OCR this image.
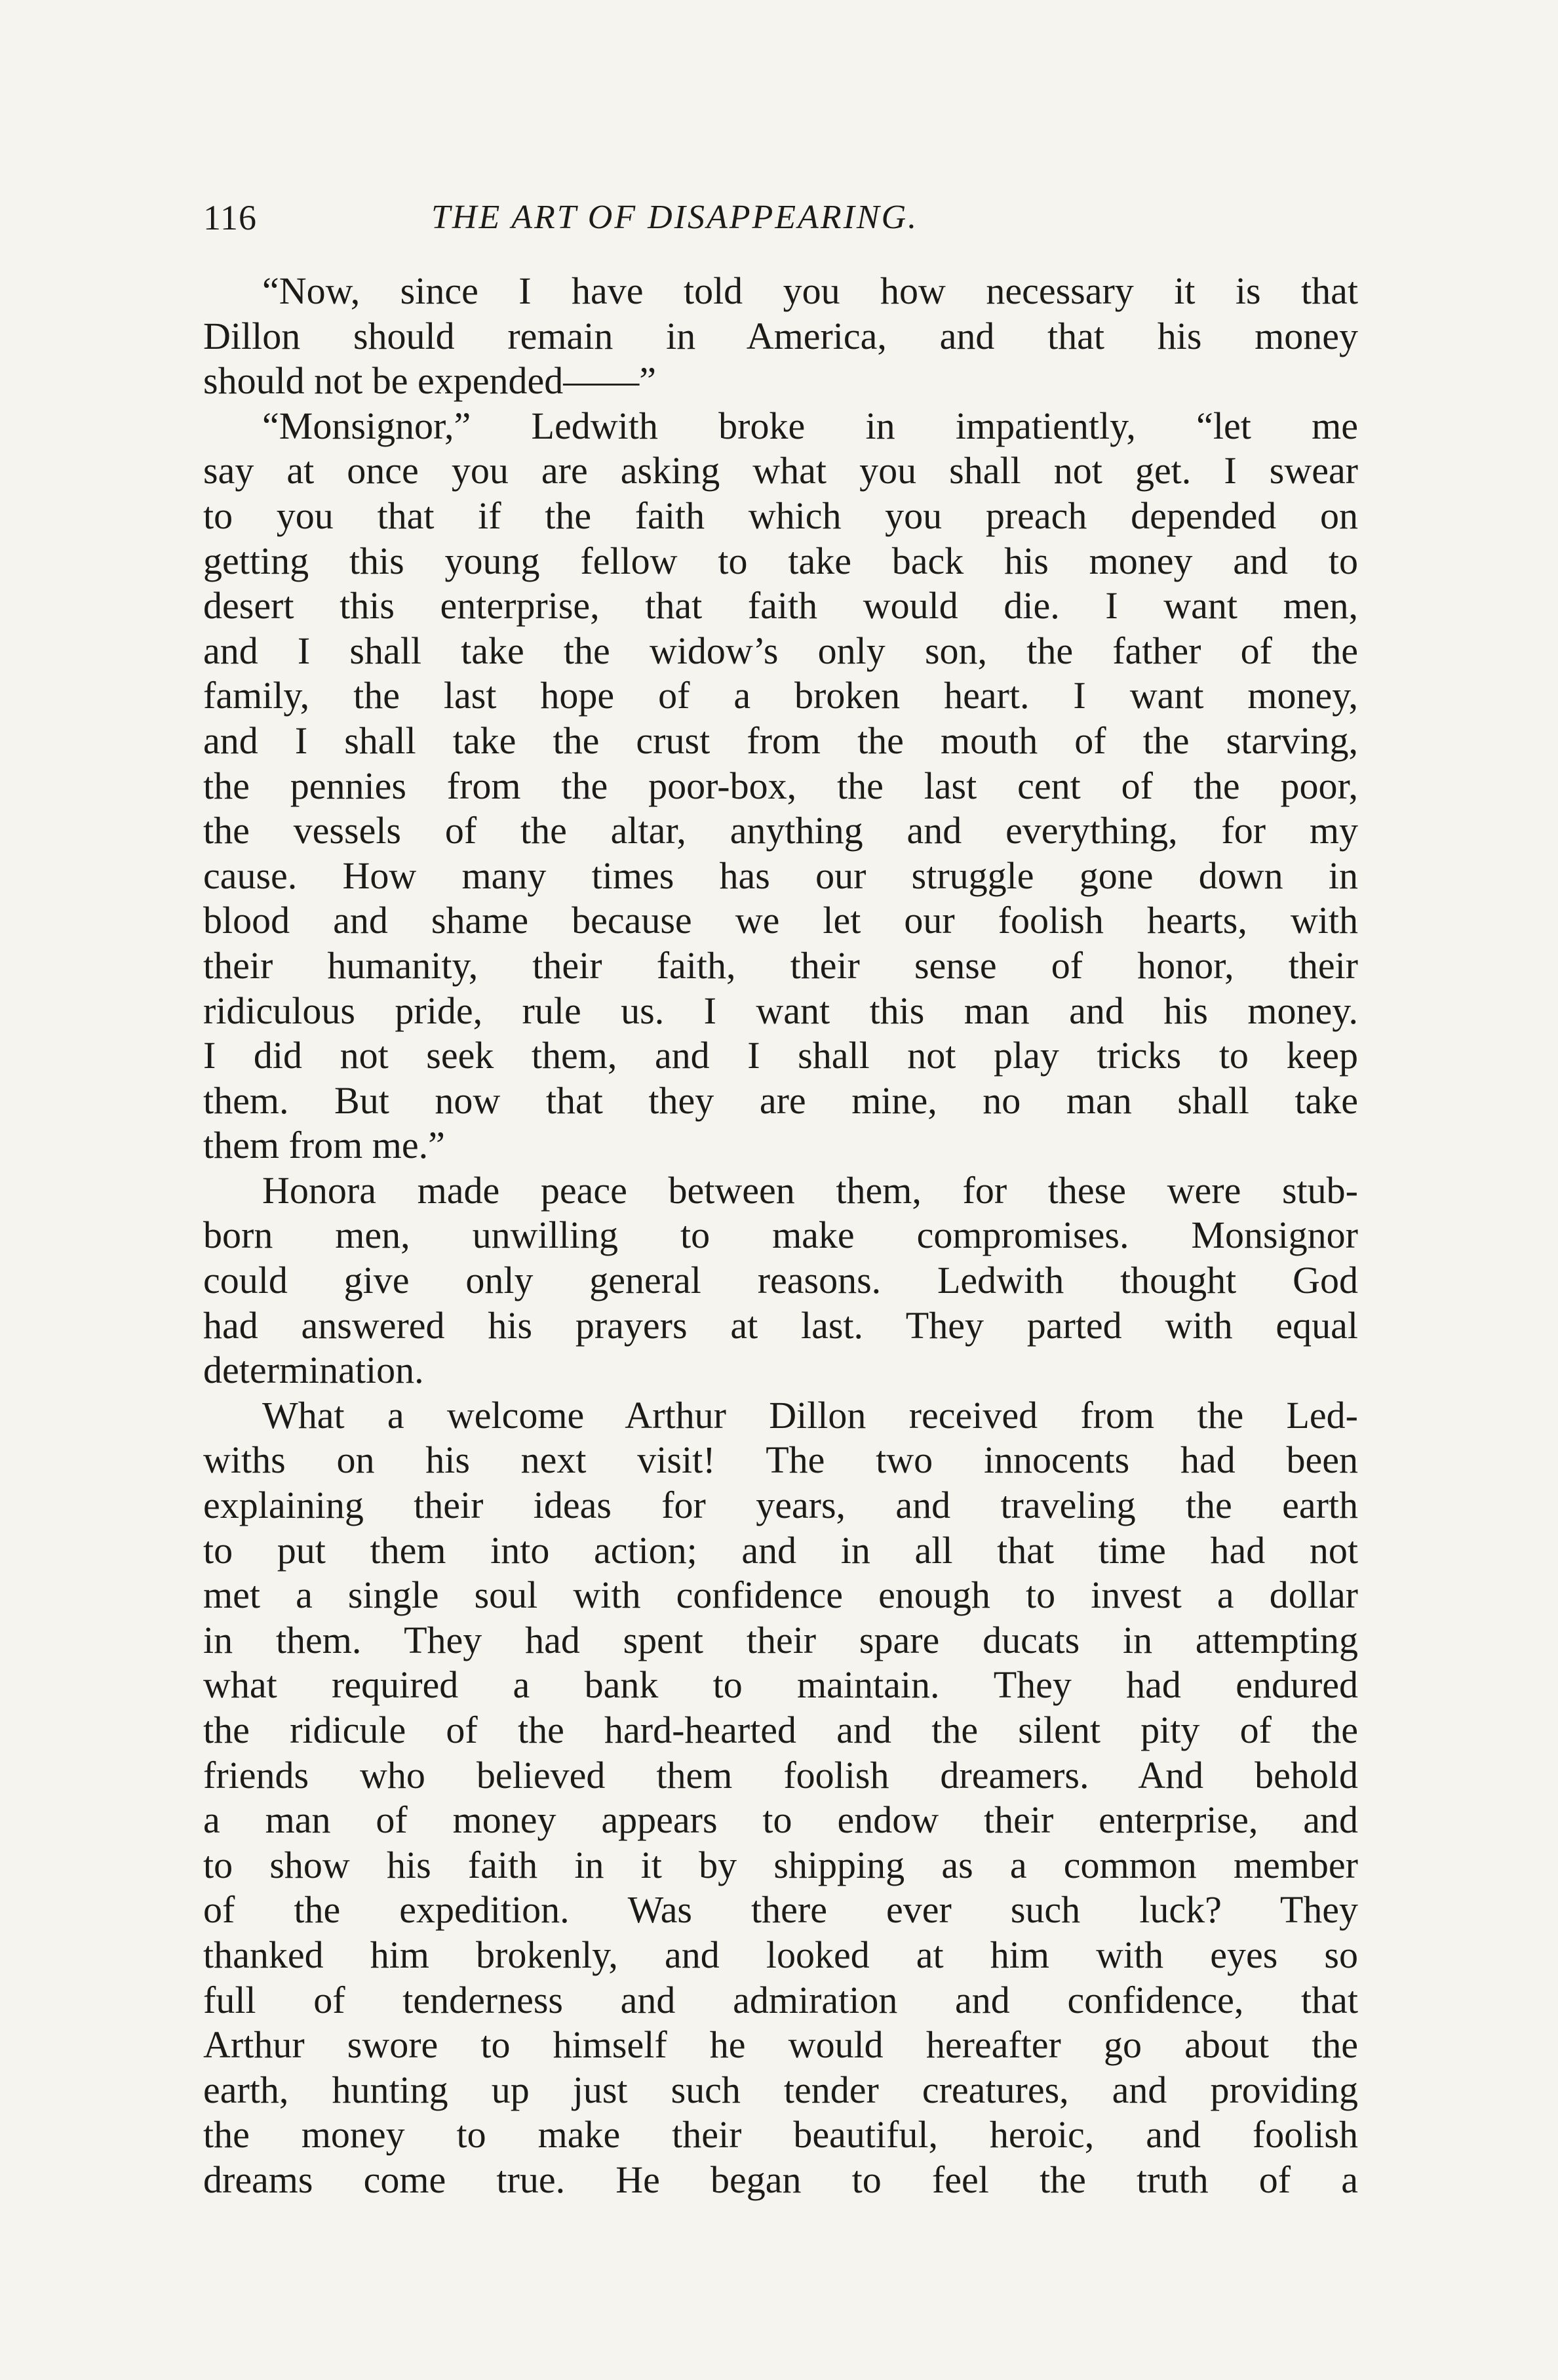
116	THE ART OF DISAPPEARING.
“Now, since I have told you how necessary it is that
Dillon should remain in America, and that his money
should not be expended——”
“Monsignor,” Ledwith broke in impatiently, “let me
say at once you are asking what you shall not get. I swear
to you that if the faith which you preach depended on
getting this young fellow to take back his money and to
desert this enterprise, that faith would die. I want men,
and I shall take the widow’s only son, the father of the
family, the last hope of a broken heart. I want money,
and I shall take the crust from the mouth of the starving,
the pennies from the poor-box, the last cent of the poor,
the vessels of the altar, anything and everything, for my
cause. How many times has our struggle gone down in
blood and shame because we let our foolish hearts, with
their humanity, their faith, their sense of honor, their
ridiculous pride, rule us. I want this man and his money.
I did not seek them, and I shall not play tricks to keep
them. But now that they are mine, no man shall take
them from me.”
Honora made peace between them, for these were stub-
born men, unwilling to make compromises. Monsignor
could give only general reasons. Ledwith thought God
had answered his prayers at last. They parted with equal
determination.
What a welcome Arthur Dillon received from the Led-
withs on his next visit! The two innocents had been
explaining their ideas for years, and traveling the earth
to put them into action; and in all that time had not
met a single soul with confidence enough to invest a dollar
in them. They had spent their spare ducats in attempting
what required a bank to maintain. They had endured
the ridicule of the hard-hearted and the silent pity of the
friends who believed them foolish dreamers. And behold
a man of money appears to endow their enterprise, and
to show his faith in it by shipping as a common member
of the expedition. Was there ever such luck? They
thanked him brokenly, and looked at him with eyes so
full of tenderness and admiration and confidence, that
Arthur swore to himself he would hereafter go about the
earth, hunting up just such tender creatures, and providing
the money to make their beautiful, heroic, and foolish
dreams come true. He began to feel the truth of a
